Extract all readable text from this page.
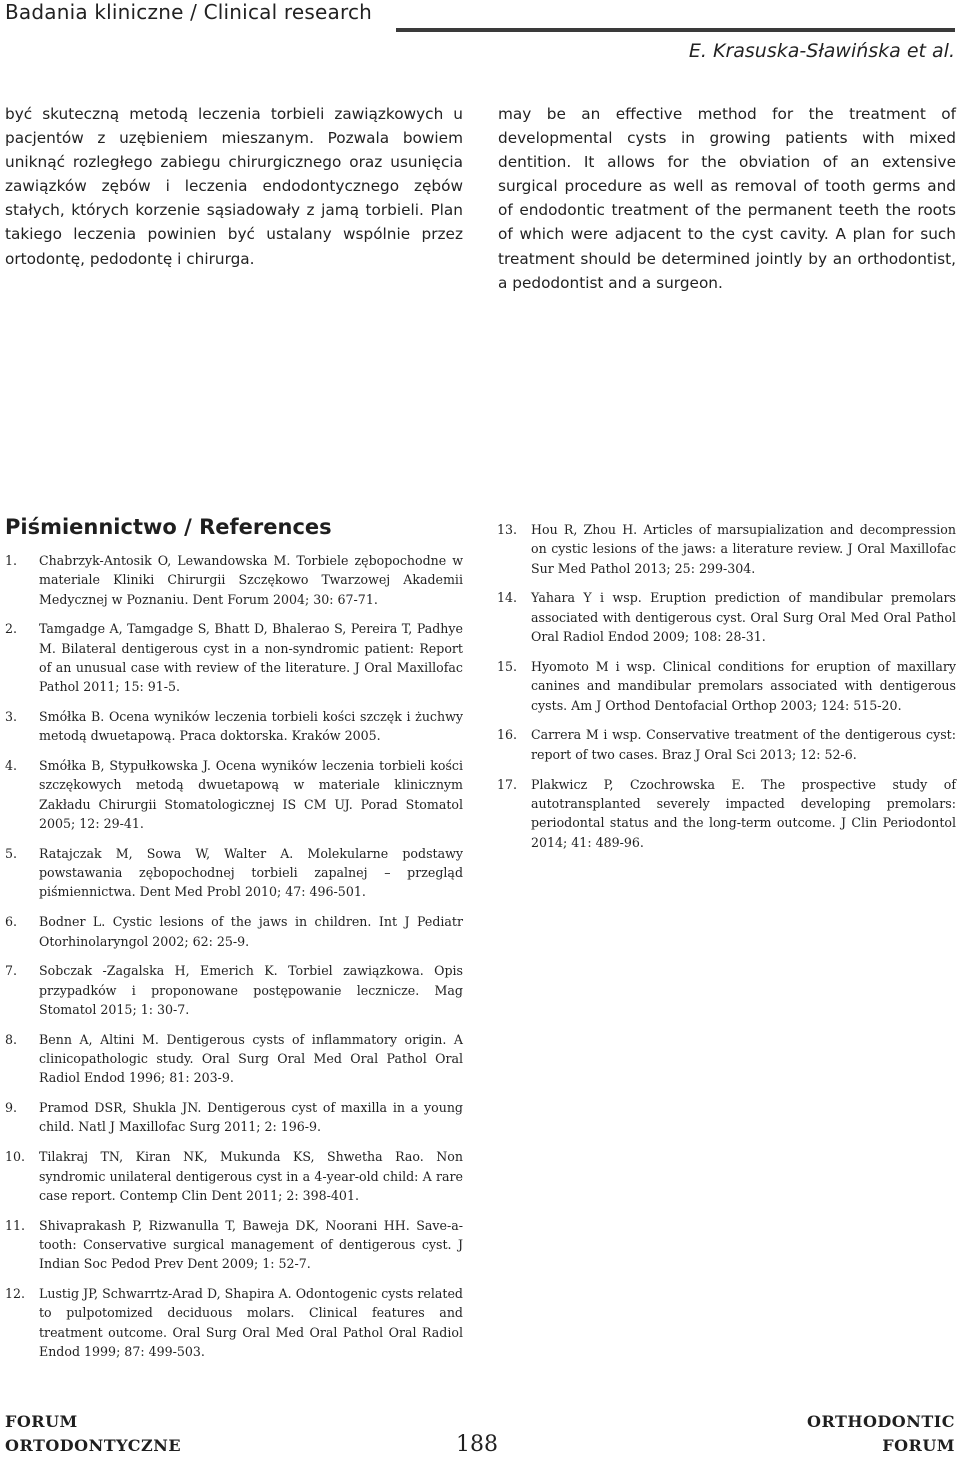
Badania kliniczne / Clinical research
E. Krasuska-Sławińska et al.

być skuteczną metodą leczenia torbieli zawiązkowych u pacjentów z uzębieniem mieszanym. Pozwala bowiem uniknąć rozległego zabiegu chirurgicznego oraz usunięcia zawiązków zębów i leczenia endodontycznego zębów stałych, których korzenie sąsiadowały z jamą torbieli. Plan takiego leczenia powinien być ustalany wspólnie przez ortodontę, pedodontę i chirurga.

may be an effective method for the treatment of developmental cysts in growing patients with mixed dentition. It allows for the obviation of an extensive surgical procedure as well as removal of tooth germs and of endodontic treatment of the permanent teeth the roots of which were adjacent to the cyst cavity. A plan for such treatment should be determined jointly by an orthodontist, a pedodontist and a surgeon.

Piśmiennictwo / References
1.	Chabrzyk-Antosik O, Lewandowska M. Torbiele zębopochodne w materiale Kliniki Chirurgii Szczękowo Twarzowej Akademii Medycznej w Poznaniu. Dent Forum 2004; 30: 67-71.
2.	Tamgadge A, Tamgadge S, Bhatt D, Bhalerao S, Pereira T, Padhye M. Bilateral dentigerous cyst in a non-syndromic patient: Report of an unusual case with review of the literature. J Oral Maxillofac Pathol 2011; 15: 91-5.
3.	Smółka B. Ocena wyników leczenia torbieli kości szczęk i żuchwy metodą dwuetapową. Praca doktorska. Kraków 2005.
4.	Smółka B, Stypułkowska J. Ocena wyników leczenia torbieli kości szczękowych metodą dwuetapową w materiale klinicznym Zakładu Chirurgii Stomatologicznej IS CM UJ. Porad Stomatol 2005; 12: 29-41.
5.	Ratajczak M, Sowa W, Walter A. Molekularne podstawy powstawania zębopochodnej torbieli zapalnej – przegląd piśmiennictwa. Dent Med Probl 2010; 47: 496-501.
6.	Bodner L. Cystic lesions of the jaws in children. Int J Pediatr Otorhinolaryngol 2002; 62: 25-9.
7.	Sobczak -Zagalska H, Emerich K. Torbiel zawiązkowa. Opis przypadków i proponowane postępowanie lecznicze. Mag Stomatol 2015; 1: 30-7.
8.	Benn A, Altini M. Dentigerous cysts of inflammatory origin. A clinicopathologic study. Oral Surg Oral Med Oral Pathol Oral Radiol Endod 1996; 81: 203-9.
9.	Pramod DSR, Shukla JN. Dentigerous cyst of maxilla in a young child. Natl J Maxillofac Surg 2011; 2: 196-9.
10.	Tilakraj TN, Kiran NK, Mukunda KS, Shwetha Rao. Non syndromic unilateral dentigerous cyst in a 4-year-old child: A rare case report. Contemp Clin Dent 2011; 2: 398-401.
11.	Shivaprakash P, Rizwanulla T, Baweja DK, Noorani HH. Save-a-tooth: Conservative surgical management of dentigerous cyst. J Indian Soc Pedod Prev Dent 2009; 1: 52-7.
12.	Lustig JP, Schwarrtz-Arad D, Shapira A. Odontogenic cysts related to pulpotomized deciduous molars. Clinical features and treatment outcome. Oral Surg Oral Med Oral Pathol Oral Radiol Endod 1999; 87: 499-503.
13.	Hou R, Zhou H. Articles of marsupialization and decompression on cystic lesions of the jaws: a literature review. J Oral Maxillofac Sur Med Pathol 2013; 25: 299-304.
14.	Yahara Y i wsp. Eruption prediction of mandibular premolars associated with dentigerous cyst. Oral Surg Oral Med Oral Pathol Oral Radiol Endod 2009; 108: 28-31.
15.	Hyomoto M i wsp. Clinical conditions for eruption of maxillary canines and mandibular premolars associated with dentigerous cysts. Am J Orthod Dentofacial Orthop 2003; 124: 515-20.
16.	Carrera M i wsp. Conservative treatment of the dentigerous cyst: report of two cases. Braz J Oral Sci 2013; 12: 52-6.
17.	Plakwicz P, Czochrowska E. The prospective study of autotransplanted severely impacted developing premolars: periodontal status and the long-term outcome. J Clin Periodontol 2014; 41: 489-96.
FORUM
ORTODONTYCZNE	188
ORTHODONTIC
FORUM
